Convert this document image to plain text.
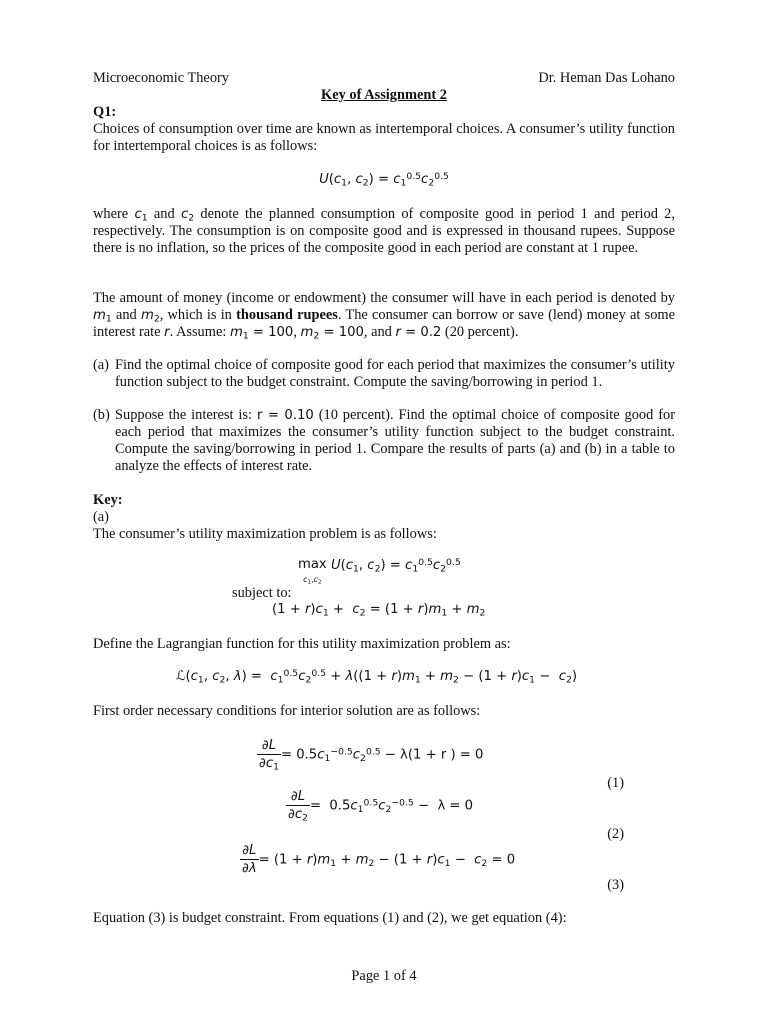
Microeconomic Theory	Dr. Heman Das Lohano
Key of Assignment 2
Q1:
Choices of consumption over time are known as intertemporal choices. A consumer’s utility function for intertemporal choices is as follows:
$U(c_1$, $c_2) = c_1^{0.5}c_2^{0.5}$
where $c_1$ and $c_2$ denote the planned consumption of composite good in period 1 and period 2, respectively. The consumption is on composite good and is expressed in thousand rupees. Suppose there is no inflation, so the prices of the composite good in each period are constant at 1 rupee.
The amount of money (income or endowment) the consumer will have in each period is denoted by $m_1$ and $m_2$, which is in thousand rupees. The consumer can borrow or save (lend) money at some interest rate r. Assume: $m_1 = 100$, $m_2 = 100$, and r = 0.2 (20 percent).
(a) Find the optimal choice of composite good for each period that maximizes the consumer’s utility function subject to the budget constraint. Compute the saving/borrowing in period 1.
(b) Suppose the interest is: r = 0.10 (10 percent). Find the optimal choice of composite good for each period that maximizes the consumer’s utility function subject to the budget constraint. Compute the saving/borrowing in period 1. Compare the results of parts (a) and (b) in a table to analyze the effects of interest rate.
Key:
(a)
The consumer’s utility maximization problem is as follows:
max
$c_1,c_2$ $U(c_1$, $c_2) = c_1^{0.5}c_2^{0.5}$
subject to:
$(1 + r)c_1 + c_2 = (1 + r)m_1 + m_2$
Define the Lagrangian function for this utility maximization problem as:
$ℒ(c_1$, $c_2$, $\lambda) = c_1^{0.5}c_2^{0.5} + \lambda((1 + r)m_1 + m_2 - (1 + r)c_1 - c_2)$
First order necessary conditions for interior solution are as follows:
$\frac{\partial L}{\partial c_1} = 0.5c_1^{-0.5}c_2^{0.5} - \lambda(1 + r$ ) = 0
(1)
$\frac{\partial L}{\partial c_2} = 0.5c_1^{0.5}c_2^{-0.5} - \lambda = 0$
(2)
$\frac{\partial L}{\partial\lambda} = (1 + r)m_1 + m_2 - (1 + r)c_1 - c_2 = 0$
(3)
Equation (3) is budget constraint. From equations (1) and (2), we get equation (4):
Page 1 of 4
